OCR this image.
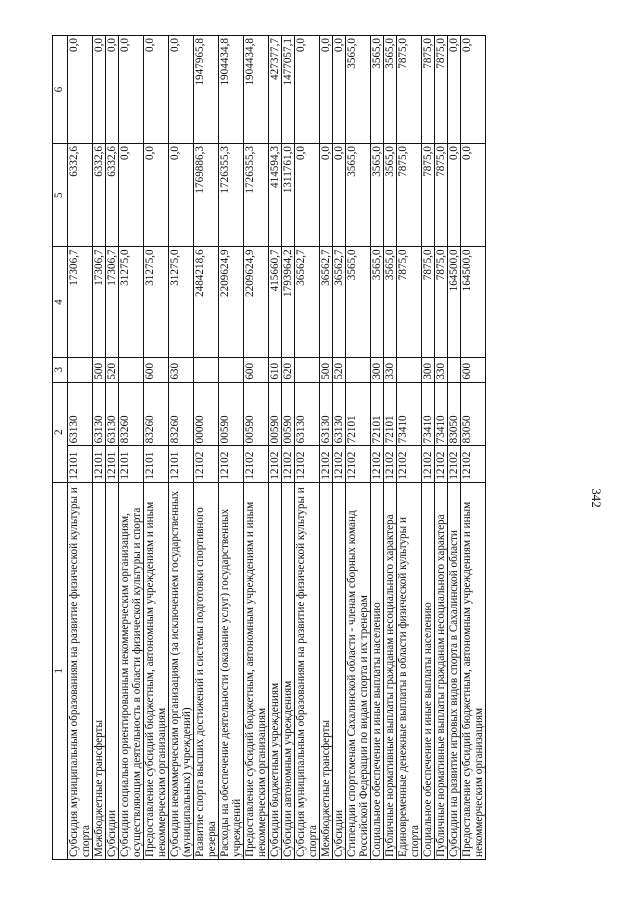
342
1	2		3	4	5	6
Субсидия муниципальным образованиям на развитие физической культуры и спорта	12101	63130		17306,7	6332,6	0,0
Межбюджетные трансферты	12101	63130	500	17306,7	6332,6	0,0
Субсидии	12101	63130	520	17306,7	6332,6	0,0
Субсидии социально ориентированным некоммерческим организациям, осуществляющим деятельность в области физической культуры и спорта	12101	83260		31275,0	0,0	0,0
Предоставление субсидий бюджетным, автономным учреждениям и иным некоммерческим организациям	12101	83260	600	31275,0	0,0	0,0
Субсидии некоммерческим организациям (за исключением государственных (муниципальных) учреждений)	12101	83260	630	31275,0	0,0	0,0
Развитие спорта высших достижений и системы подготовки спортивного резерва	12102	00000		2484218,6	1769886,3	1947965,8
Расходы на обеспечение деятельности (оказание услуг) государственных учреждений	12102	00590		2209624,9	1726355,3	1904434,8
Предоставление субсидий бюджетным, автономным учреждениям и иным некоммерческим организациям	12102	00590	600	2209624,9	1726355,3	1904434,8
Субсидии бюджетным учреждениям	12102	00590	610	415660,7	414594,3	427377,7
Субсидии автономным учреждениям	12102	00590	620	1793964,2	1311761,0	1477057,1
Субсидия муниципальным образованиям на развитие физической культуры и спорта	12102	63130		36562,7	0,0	0,0
Межбюджетные трансферты	12102	63130	500	36562,7	0,0	0,0
Субсидии	12102	63130	520	36562,7	0,0	0,0
Стипендии спортсменам Сахалинской области - членам сборных команд Российской Федерации по видам спорта и их тренерам	12102	72101		3565,0	3565,0	3565,0
Социальное обеспечение и иные выплаты населению	12102	72101	300	3565,0	3565,0	3565,0
Публичные нормативные выплаты гражданам несоциального характера	12102	72101	330	3565,0	3565,0	3565,0
Единовременные денежные выплаты в области физической культуры и спорта	12102	73410		7875,0	7875,0	7875,0
Социальное обеспечение и иные выплаты населению	12102	73410	300	7875,0	7875,0	7875,0
Публичные нормативные выплаты гражданам несоциального характера	12102	73410	330	7875,0	7875,0	7875,0
Субсидии на развитие игровых видов спорта в Сахалинской области	12102	83050		164500,0	0,0	0,0
Предоставление субсидий бюджетным, автономным учреждениям и иным некоммерческим организациям	12102	83050	600	164500,0	0,0	0,0
